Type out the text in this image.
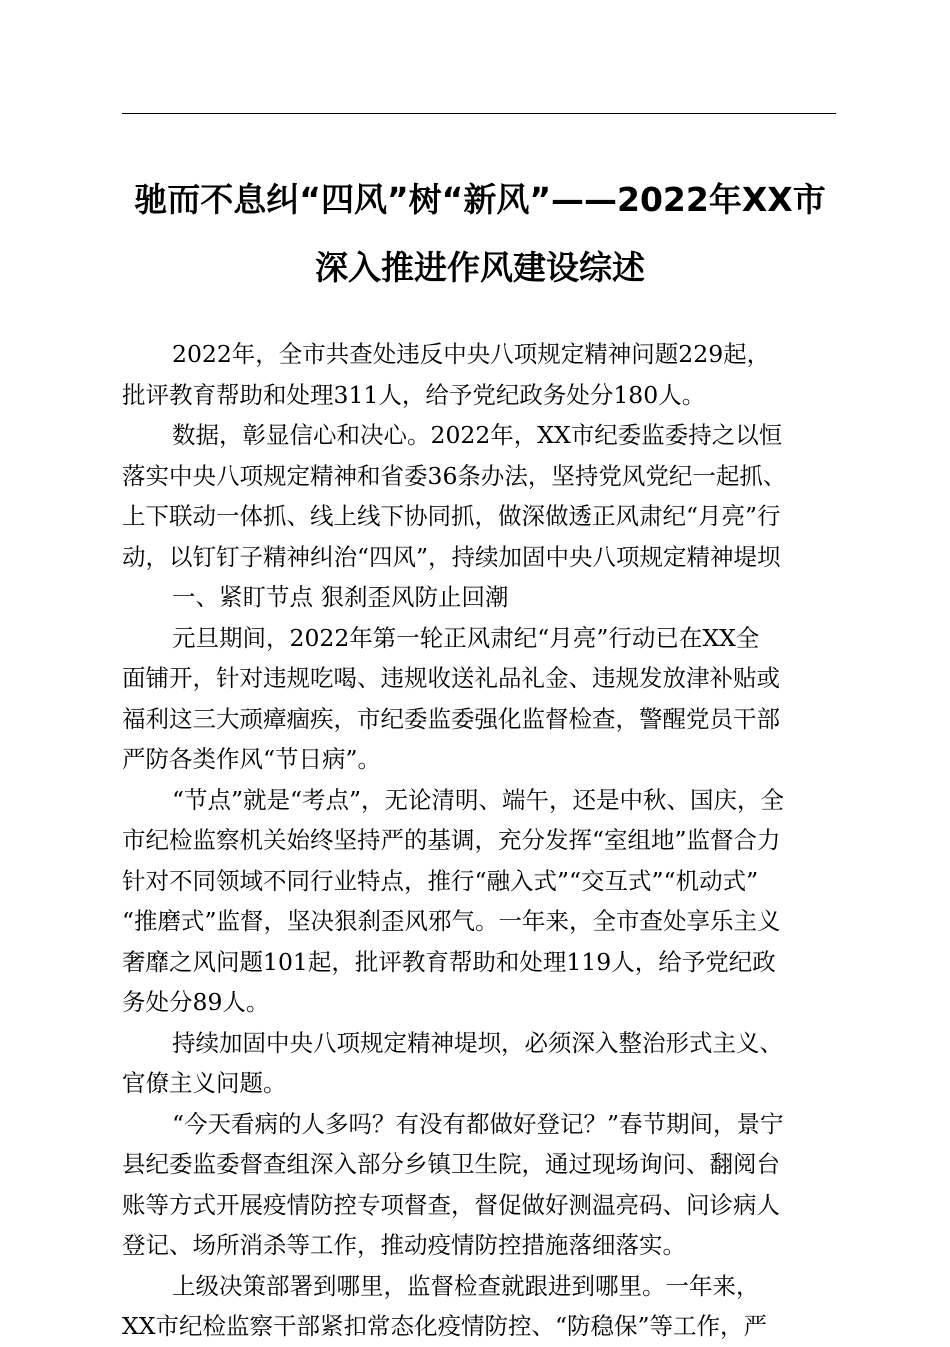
驰而不息纠“四风”树“新风”——2022年XX市
深入推进作风建设综述
2022年，全市共查处违反中央八项规定精神问题229起，
批评教育帮助和处理311人，给予党纪政务处分180人。
数据，彰显信心和决心。2022年，XX市纪委监委持之以恒
落实中央八项规定精神和省委36条办法，坚持党风党纪一起抓、
上下联动一体抓、线上线下协同抓，做深做透正风肃纪“月亮”行
动，以钉钉子精神纠治“四风”，持续加固中央八项规定精神堤坝
一、紧盯节点 狠刹歪风防止回潮
元旦期间，2022年第一轮正风肃纪“月亮”行动已在XX全
面铺开，针对违规吃喝、违规收送礼品礼金、违规发放津补贴或
福利这三大顽瘴痼疾，市纪委监委强化监督检查，警醒党员干部
严防各类作风“节日病”。
“节点”就是“考点”，无论清明、端午，还是中秋、国庆，全
市纪检监察机关始终坚持严的基调，充分发挥“室组地”监督合力
针对不同领域不同行业特点，推行“融入式”“交互式”“机动式”
“推磨式”监督，坚决狠刹歪风邪气。一年来，全市查处享乐主义
奢靡之风问题101起，批评教育帮助和处理119人，给予党纪政
务处分89人。
持续加固中央八项规定精神堤坝，必须深入整治形式主义、
官僚主义问题。
“今天看病的人多吗？有没有都做好登记？”春节期间，景宁
县纪委监委督查组深入部分乡镇卫生院，通过现场询问、翻阅台
账等方式开展疫情防控专项督查，督促做好测温亮码、问诊病人
登记、场所消杀等工作，推动疫情防控措施落细落实。
上级决策部署到哪里，监督检查就跟进到哪里。一年来，
XX市纪检监察干部紧扣常态化疫情防控、“防稳保”等工作，严
